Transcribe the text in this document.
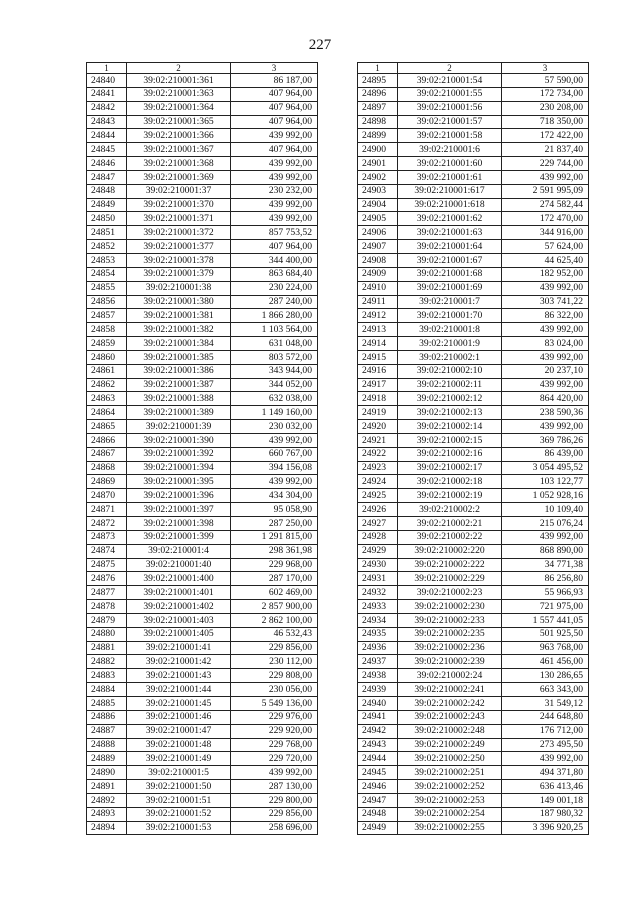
227
1	2	3
24840	39:02:210001:361	86 187,00
24841	39:02:210001:363	407 964,00
24842	39:02:210001:364	407 964,00
24843	39:02:210001:365	407 964,00
24844	39:02:210001:366	439 992,00
24845	39:02:210001:367	407 964,00
24846	39:02:210001:368	439 992,00
24847	39:02:210001:369	439 992,00
24848	39:02:210001:37	230 232,00
24849	39:02:210001:370	439 992,00
24850	39:02:210001:371	439 992,00
24851	39:02:210001:372	857 753,52
24852	39:02:210001:377	407 964,00
24853	39:02:210001:378	344 400,00
24854	39:02:210001:379	863 684,40
24855	39:02:210001:38	230 224,00
24856	39:02:210001:380	287 240,00
24857	39:02:210001:381	1 866 280,00
24858	39:02:210001:382	1 103 564,00
24859	39:02:210001:384	631 048,00
24860	39:02:210001:385	803 572,00
24861	39:02:210001:386	343 944,00
24862	39:02:210001:387	344 052,00
24863	39:02:210001:388	632 038,00
24864	39:02:210001:389	1 149 160,00
24865	39:02:210001:39	230 032,00
24866	39:02:210001:390	439 992,00
24867	39:02:210001:392	660 767,00
24868	39:02:210001:394	394 156,08
24869	39:02:210001:395	439 992,00
24870	39:02:210001:396	434 304,00
24871	39:02:210001:397	95 058,90
24872	39:02:210001:398	287 250,00
24873	39:02:210001:399	1 291 815,00
24874	39:02:210001:4	298 361,98
24875	39:02:210001:40	229 968,00
24876	39:02:210001:400	287 170,00
24877	39:02:210001:401	602 469,00
24878	39:02:210001:402	2 857 900,00
24879	39:02:210001:403	2 862 100,00
24880	39:02:210001:405	46 532,43
24881	39:02:210001:41	229 856,00
24882	39:02:210001:42	230 112,00
24883	39:02:210001:43	229 808,00
24884	39:02:210001:44	230 056,00
24885	39:02:210001:45	5 549 136,00
24886	39:02:210001:46	229 976,00
24887	39:02:210001:47	229 920,00
24888	39:02:210001:48	229 768,00
24889	39:02:210001:49	229 720,00
24890	39:02:210001:5	439 992,00
24891	39:02:210001:50	287 130,00
24892	39:02:210001:51	229 800,00
24893	39:02:210001:52	229 856,00
24894	39:02:210001:53	258 696,00
1	2	3
24895	39:02:210001:54	57 590,00
24896	39:02:210001:55	172 734,00
24897	39:02:210001:56	230 208,00
24898	39:02:210001:57	718 350,00
24899	39:02:210001:58	172 422,00
24900	39:02:210001:6	21 837,40
24901	39:02:210001:60	229 744,00
24902	39:02:210001:61	439 992,00
24903	39:02:210001:617	2 591 995,09
24904	39:02:210001:618	274 582,44
24905	39:02:210001:62	172 470,00
24906	39:02:210001:63	344 916,00
24907	39:02:210001:64	57 624,00
24908	39:02:210001:67	44 625,40
24909	39:02:210001:68	182 952,00
24910	39:02:210001:69	439 992,00
24911	39:02:210001:7	303 741,22
24912	39:02:210001:70	86 322,00
24913	39:02:210001:8	439 992,00
24914	39:02:210001:9	83 024,00
24915	39:02:210002:1	439 992,00
24916	39:02:210002:10	20 237,10
24917	39:02:210002:11	439 992,00
24918	39:02:210002:12	864 420,00
24919	39:02:210002:13	238 590,36
24920	39:02:210002:14	439 992,00
24921	39:02:210002:15	369 786,26
24922	39:02:210002:16	86 439,00
24923	39:02:210002:17	3 054 495,52
24924	39:02:210002:18	103 122,77
24925	39:02:210002:19	1 052 928,16
24926	39:02:210002:2	10 109,40
24927	39:02:210002:21	215 076,24
24928	39:02:210002:22	439 992,00
24929	39:02:210002:220	868 890,00
24930	39:02:210002:222	34 771,38
24931	39:02:210002:229	86 256,80
24932	39:02:210002:23	55 966,93
24933	39:02:210002:230	721 975,00
24934	39:02:210002:233	1 557 441,05
24935	39:02:210002:235	501 925,50
24936	39:02:210002:236	963 768,00
24937	39:02:210002:239	461 456,00
24938	39:02:210002:24	130 286,65
24939	39:02:210002:241	663 343,00
24940	39:02:210002:242	31 549,12
24941	39:02:210002:243	244 648,80
24942	39:02:210002:248	176 712,00
24943	39:02:210002:249	273 495,50
24944	39:02:210002:250	439 992,00
24945	39:02:210002:251	494 371,80
24946	39:02:210002:252	636 413,46
24947	39:02:210002:253	149 001,18
24948	39:02:210002:254	187 980,32
24949	39:02:210002:255	3 396 920,25
